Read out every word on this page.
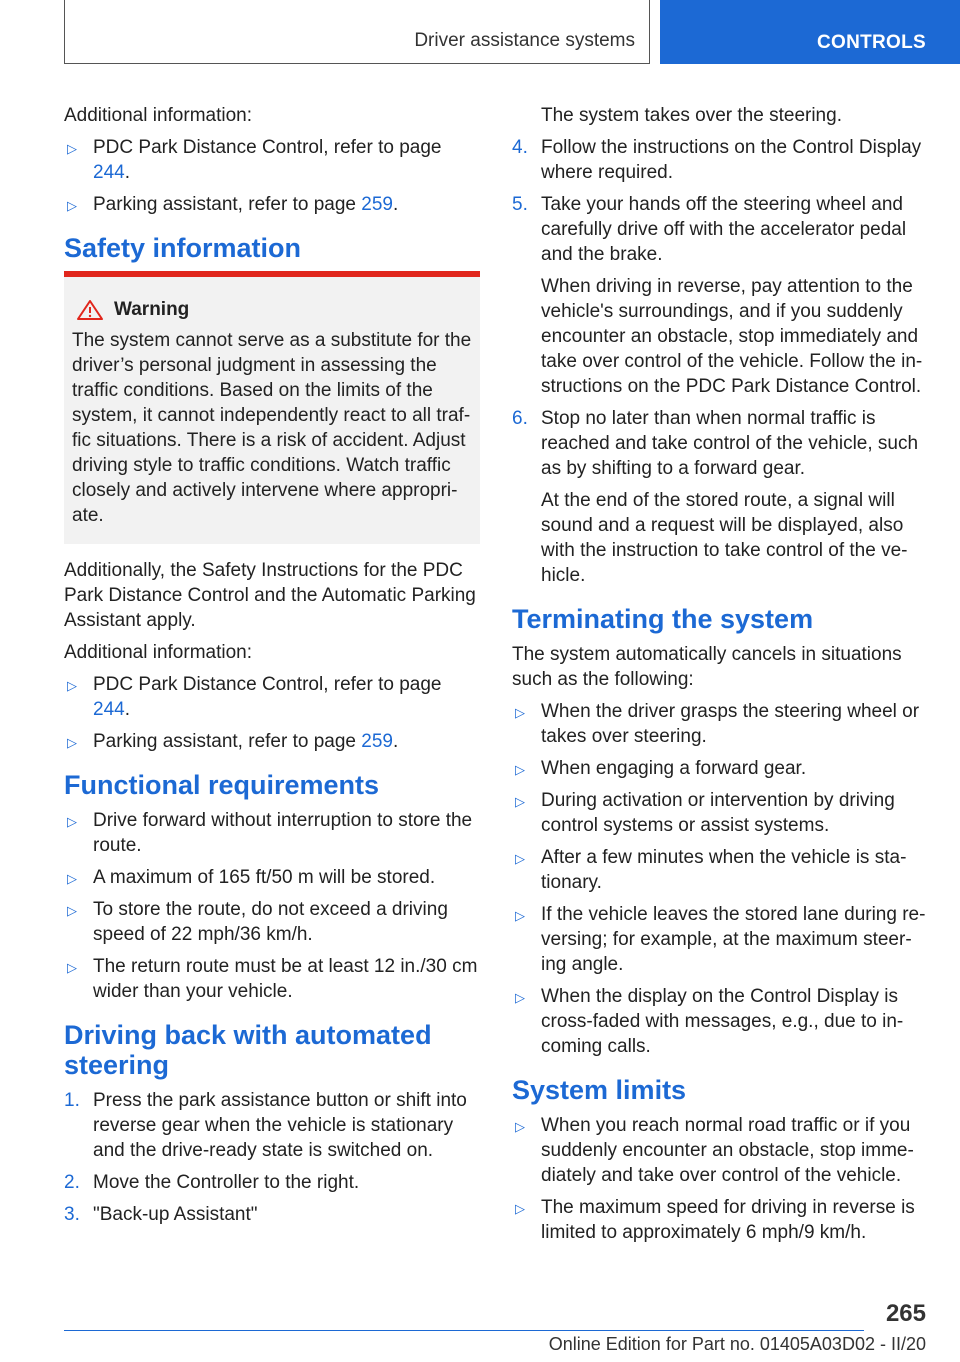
Driver assistance systems	CONTROLS

Additional information:

▷ PDC Park Distance Control, refer to page 244.
▷ Parking assistant, refer to page 259.
Safety information
Warning
The system cannot serve as a substitute for the driver’s personal judgment in assessing the traffic conditions. Based on the limits of the system, it cannot independently react to all traffic situations. There is a risk of accident. Adjust driving style to traffic conditions. Watch traffic closely and actively intervene where appropriate.

Additionally, the Safety Instructions for the PDC Park Distance Control and the Automatic Parking Assistant apply.

Additional information:

▷ PDC Park Distance Control, refer to page 244.
▷ Parking assistant, refer to page 259.
Functional requirements
▷ Drive forward without interruption to store the route.
▷ A maximum of 165 ft/50 m will be stored.
▷ To store the route, do not exceed a driving speed of 22 mph/36 km/h.
▷ The return route must be at least 12 in./30 cm wider than your vehicle.
Driving back with automated steering
1. Press the park assistance button or shift into reverse gear when the vehicle is stationary and the drive-ready state is switched on.
2. Move the Controller to the right.
3. "Back-up Assistant"

The system takes over the steering.

4. Follow the instructions on the Control Display where required.
5. Take your hands off the steering wheel and carefully drive off with the accelerator pedal and the brake.

When driving in reverse, pay attention to the vehicle's surroundings, and if you suddenly encounter an obstacle, stop immediately and take over control of the vehicle. Follow the instructions on the PDC Park Distance Control.

6. Stop no later than when normal traffic is reached and take control of the vehicle, such as by shifting to a forward gear.

At the end of the stored route, a signal will sound and a request will be displayed, also with the instruction to take control of the vehicle.

Terminating the system

The system automatically cancels in situations such as the following:

▷ When the driver grasps the steering wheel or takes over steering.
▷ When engaging a forward gear.
▷ During activation or intervention by driving control systems or assist systems.
▷ After a few minutes when the vehicle is stationary.
▷ If the vehicle leaves the stored lane during reversing; for example, at the maximum steering angle.
▷ When the display on the Control Display is cross-faded with messages, e.g., due to incoming calls.
System limits
▷ When you reach normal road traffic or if you suddenly encounter an obstacle, stop immediately and take over control of the vehicle.
▷ The maximum speed for driving in reverse is limited to approximately 6 mph/9 km/h.
265
Online Edition for Part no. 01405A03D02 - II/20
